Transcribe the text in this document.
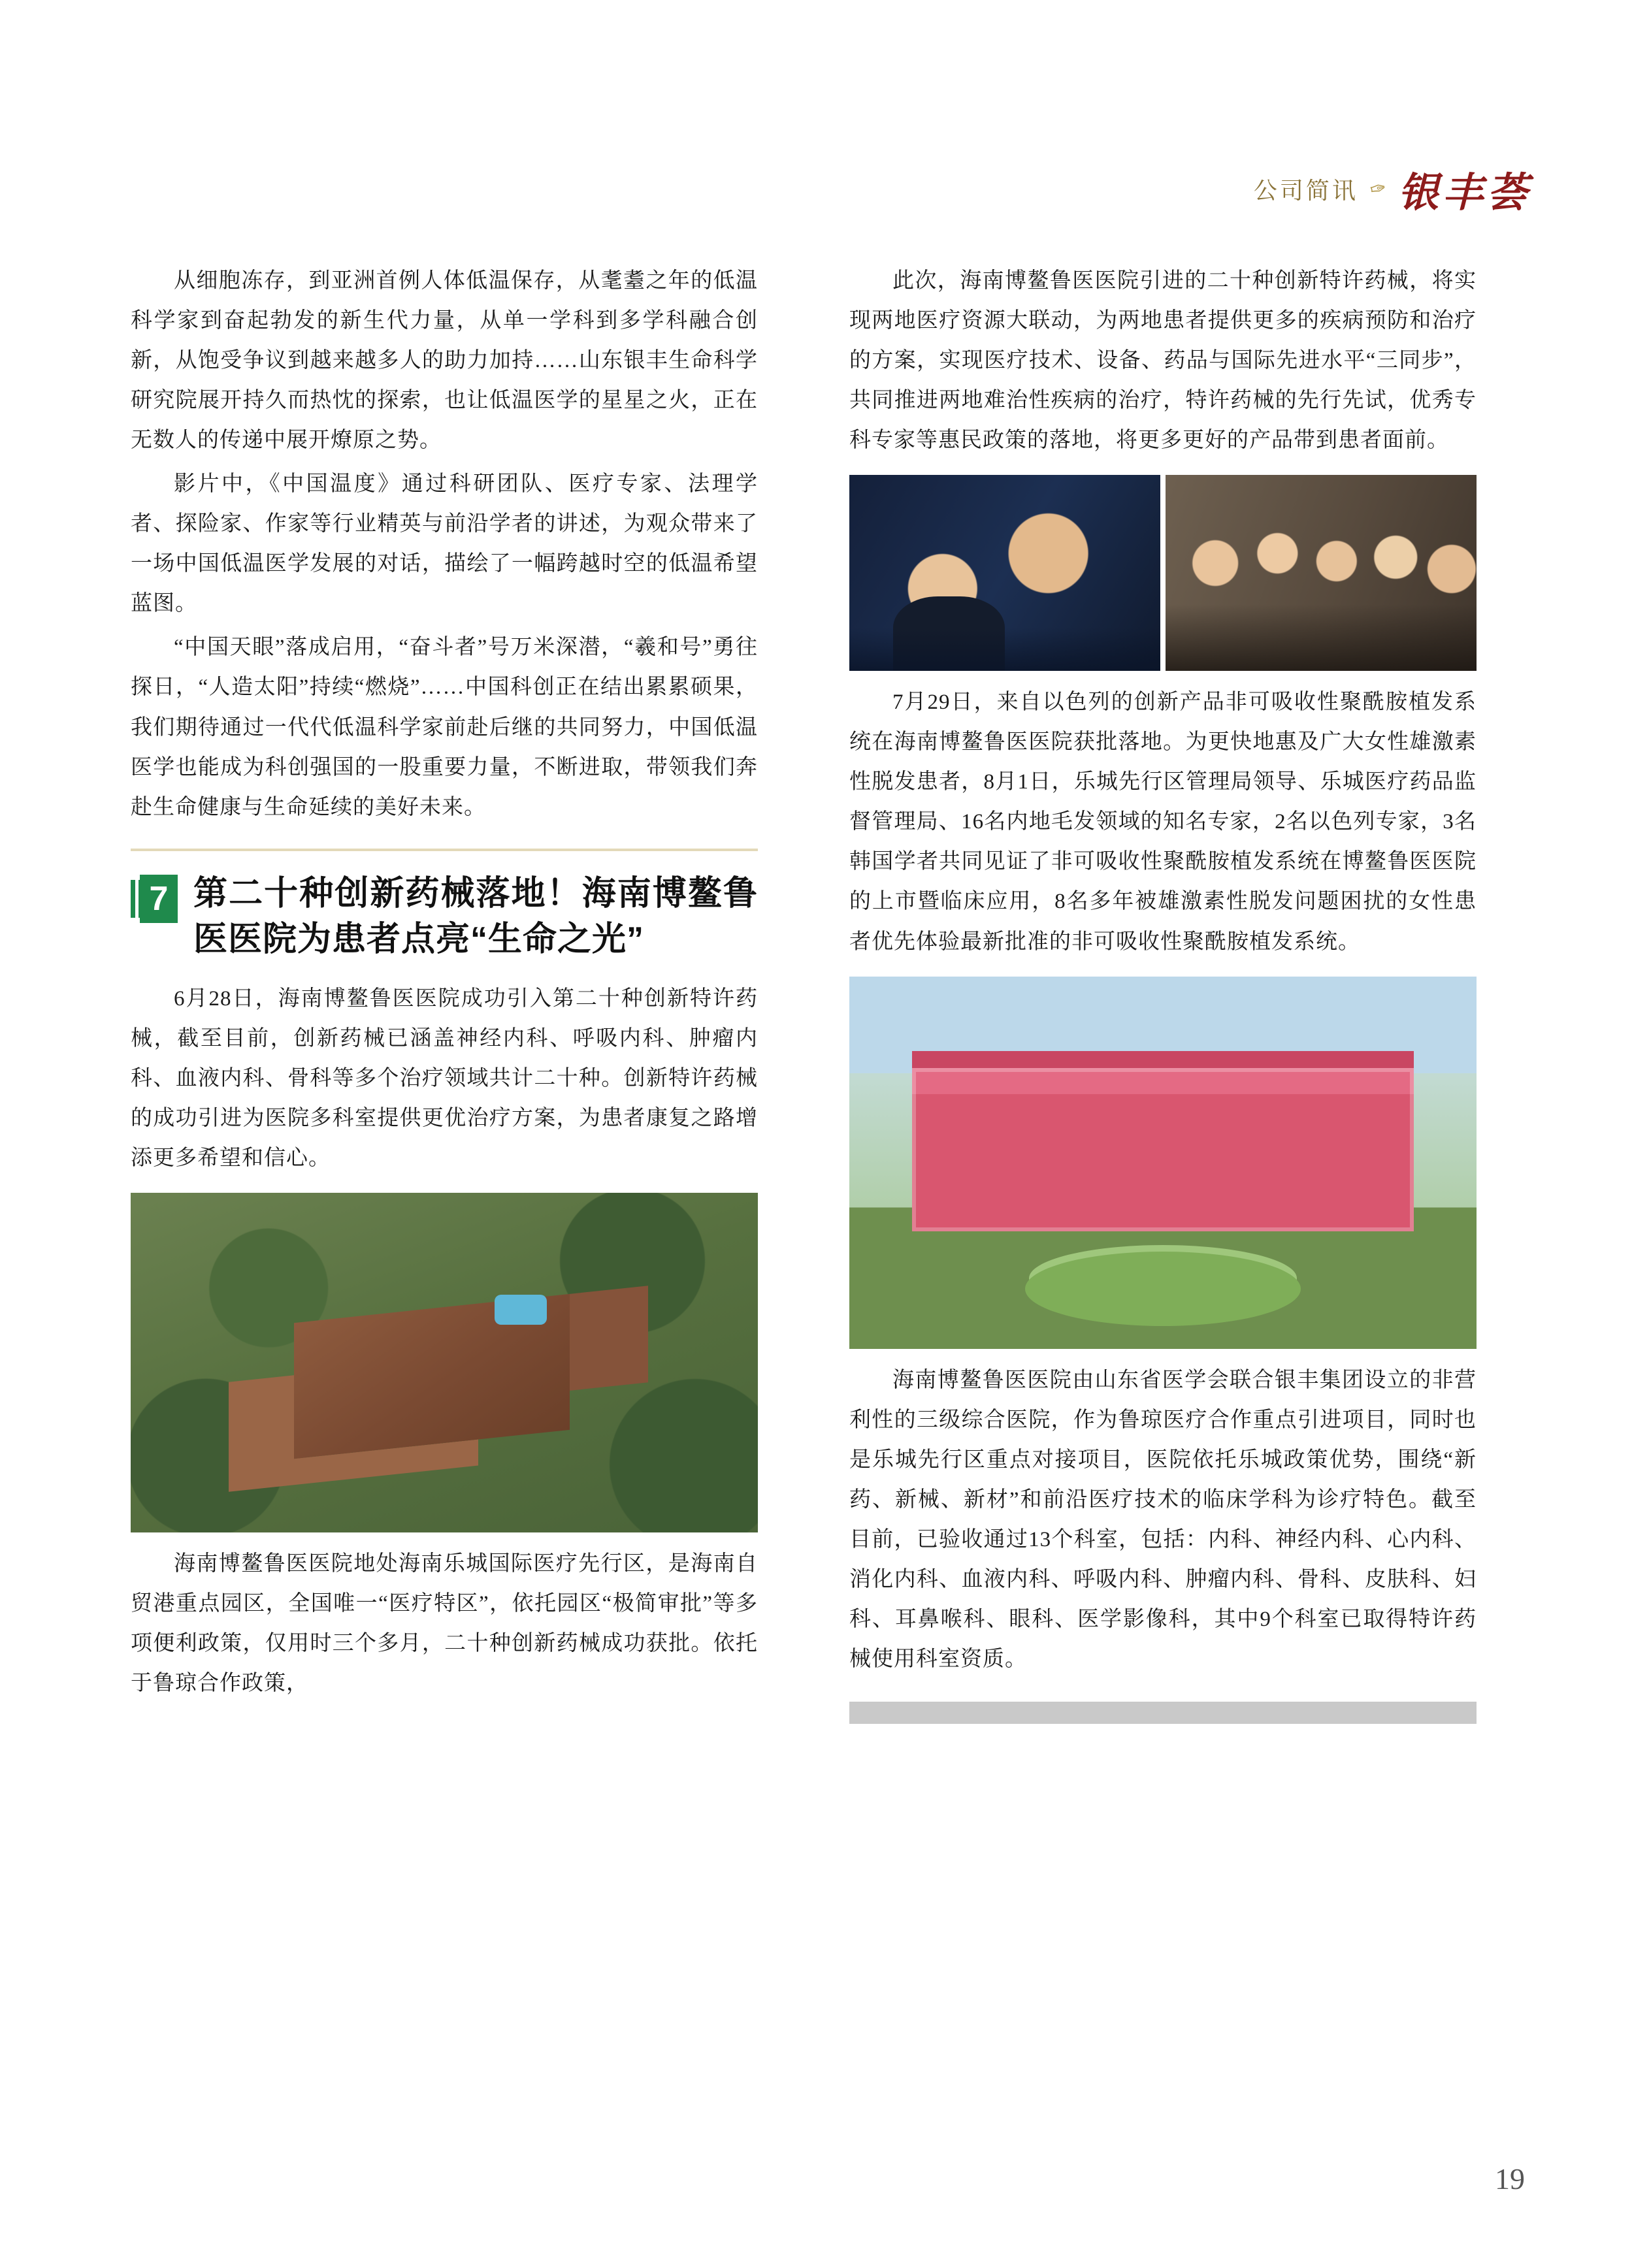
公司简讯 ✑ 银丰荟

从细胞冻存，到亚洲首例人体低温保存，从耄耋之年的低温科学家到奋起勃发的新生代力量，从单一学科到多学科融合创新，从饱受争议到越来越多人的助力加持……山东银丰生命科学研究院展开持久而热忱的探索，也让低温医学的星星之火，正在无数人的传递中展开燎原之势。

影片中，《中国温度》通过科研团队、医疗专家、法理学者、探险家、作家等行业精英与前沿学者的讲述，为观众带来了一场中国低温医学发展的对话，描绘了一幅跨越时空的低温希望蓝图。

“中国天眼”落成启用，“奋斗者”号万米深潜，“羲和号”勇往探日，“人造太阳”持续“燃烧”……中国科创正在结出累累硕果，我们期待通过一代代低温科学家前赴后继的共同努力，中国低温医学也能成为科创强国的一股重要力量，不断进取，带领我们奔赴生命健康与生命延续的美好未来。

7 第二十种创新药械落地！海南博鳌鲁医医院为患者点亮“生命之光”

6月28日，海南博鳌鲁医医院成功引入第二十种创新特许药械，截至目前，创新药械已涵盖神经内科、呼吸内科、肿瘤内科、血液内科、骨科等多个治疗领域共计二十种。创新特许药械的成功引进为医院多科室提供更优治疗方案，为患者康复之路增添更多希望和信心。

海南博鳌鲁医医院地处海南乐城国际医疗先行区，是海南自贸港重点园区，全国唯一“医疗特区”，依托园区“极简审批”等多项便利政策，仅用时三个多月，二十种创新药械成功获批。依托于鲁琼合作政策，

此次，海南博鳌鲁医医院引进的二十种创新特许药械，将实现两地医疗资源大联动，为两地患者提供更多的疾病预防和治疗的方案，实现医疗技术、设备、药品与国际先进水平“三同步”，共同推进两地难治性疾病的治疗，特许药械的先行先试，优秀专科专家等惠民政策的落地，将更多更好的产品带到患者面前。

7月29日，来自以色列的创新产品非可吸收性聚酰胺植发系统在海南博鳌鲁医医院获批落地。为更快地惠及广大女性雄激素性脱发患者，8月1日，乐城先行区管理局领导、乐城医疗药品监督管理局、16名内地毛发领域的知名专家，2名以色列专家，3名韩国学者共同见证了非可吸收性聚酰胺植发系统在博鳌鲁医医院的上市暨临床应用，8名多年被雄激素性脱发问题困扰的女性患者优先体验最新批准的非可吸收性聚酰胺植发系统。

海南博鳌鲁医医院由山东省医学会联合银丰集团设立的非营利性的三级综合医院，作为鲁琼医疗合作重点引进项目，同时也是乐城先行区重点对接项目，医院依托乐城政策优势，围绕“新药、新械、新材”和前沿医疗技术的临床学科为诊疗特色。截至目前，已验收通过13个科室，包括：内科、神经内科、心内科、消化内科、血液内科、呼吸内科、肿瘤内科、骨科、皮肤科、妇科、耳鼻喉科、眼科、医学影像科，其中9个科室已取得特许药械使用科室资质。

19
